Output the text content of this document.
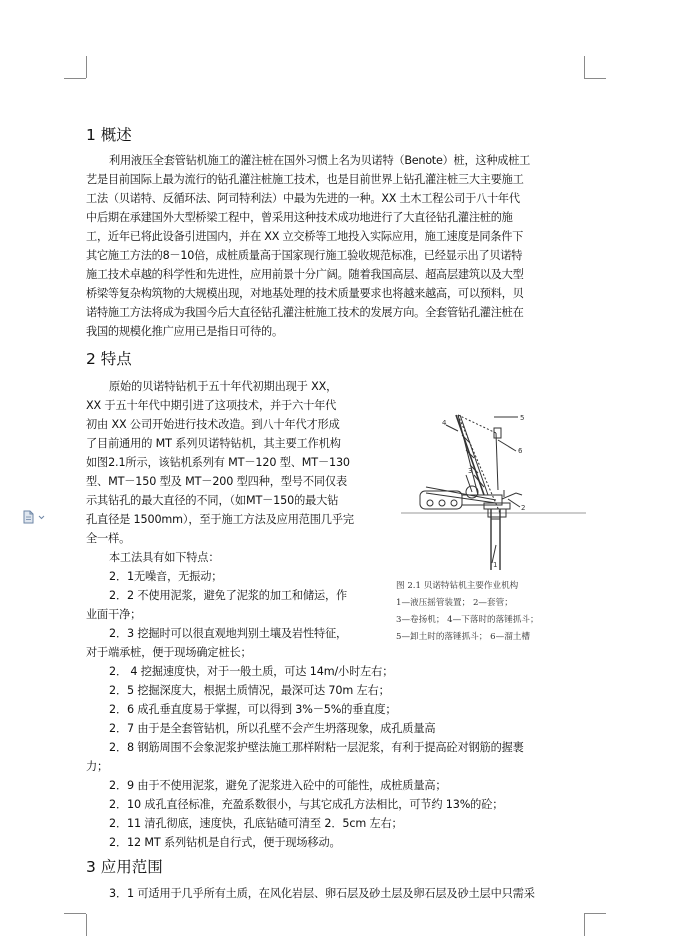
1 概述
利用液压全套管钻机施工的灌注桩在国外习惯上名为贝诺特（Benote）桩，这种成桩工
艺是目前国际上最为流行的钻孔灌注桩施工技术，也是目前世界上钻孔灌注桩三大主要施工
工法（贝诺特、反循环法、阿司特利法）中最为先进的一种。XX 土木工程公司于八十年代
中后期在承建国外大型桥梁工程中，曾采用这种技术成功地进行了大直径钻孔灌注桩的施
工，近年已将此设备引进国内，并在 XX 立交桥等工地投入实际应用，施工速度是同条件下
其它施工方法的8－10倍，成桩质量高于国家现行施工验收规范标准，已经显示出了贝诺特
施工技术卓越的科学性和先进性，应用前景十分广阔。随着我国高层、超高层建筑以及大型
桥梁等复杂构筑物的大规模出现，对地基处理的技术质量要求也将越来越高，可以预料，贝
诺特施工方法将成为我国今后大直径钻孔灌注桩施工技术的发展方向。全套管钻孔灌注桩在
我国的规模化推广应用已是指日可待的。
2 特点
原始的贝诺特钻机于五十年代初期出现于 XX，
XX 于五十年代中期引进了这项技术，并于六十年代
初由 XX 公司开始进行技术改造。到八十年代才形成
了目前通用的 MT 系列贝诺特钻机，其主要工作机构
如图2.1所示，该钻机系列有 MT－120 型、MT－130
型、MT－150 型及 MT－200 型四种，型号不同仅表
示其钻孔的最大直径的不同，（如MT－150的最大钻
孔直径是 1500mm），至于施工方法及应用范围几乎完
全一样。
本工法具有如下特点：
2．1无噪音，无振动；
2．2 不使用泥浆，避免了泥浆的加工和储运，作
业面干净；
2．3 挖掘时可以很直观地判别土壤及岩性特征，
对于端承桩，便于现场确定桩长；
2． 4 挖掘速度快，对于一般土质，可达 14m/小时左右；
2．5 挖掘深度大，根据土质情况，最深可达 70m 左右；
2．6 成孔垂直度易于掌握，可以得到 3%－5%的垂直度；
2．7 由于是全套管钻机，所以孔壁不会产生坍落现象，成孔质量高
2．8 钢筋周围不会象泥浆护壁法施工那样附粘一层泥浆，有利于提高砼对钢筋的握裹
力；
2．9 由于不使用泥浆，避免了泥浆进入砼中的可能性，成桩质量高；
2．10 成孔直径标准，充盈系数很小，与其它成孔方法相比，可节约 13%的砼；
2．11 清孔彻底，速度快，孔底钻碴可清至 2．5cm 左右；
2．12 MT 系列钻机是自行式，便于现场移动。
3 应用范围
3．1 可适用于几乎所有土质，在风化岩层、卵石层及砂土层及卵石层及砂土层中只需采
1
2
3
4
5
6
图 2.1 贝诺特钻机主要作业机构
1—液压摇管装置； 2—套管；
3—卷扬机； 4—下落时的落锤抓斗；
5—卸土时的落锤抓斗； 6—溜土槽
